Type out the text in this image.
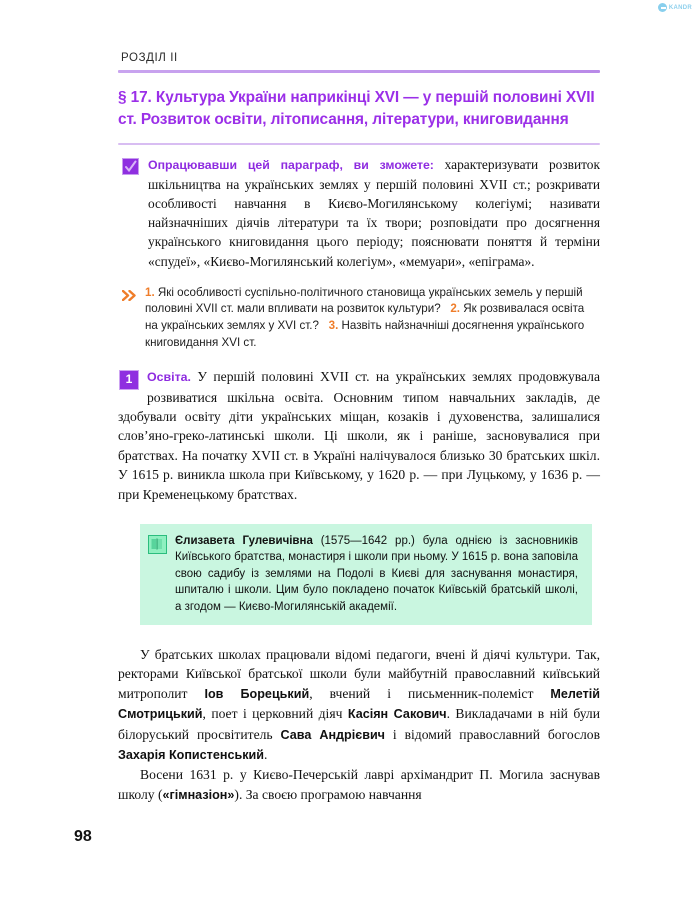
KANDR
РОЗДІЛ II
§ 17. Культура України наприкінці XVI — у першій половині XVII ст. Розвиток освіти, літописання, літератури, книговидання
Опрацювавши цей параграф, ви зможете: характеризувати розвиток шкільництва на українських землях у першій половині XVII ст.; розкривати особливості навчання в Києво-Могилянському колегіумі; називати найзначніших діячів літератури та їх твори; розповідати про досягнення українського книговидання цього періоду; пояснювати поняття й терміни «спудеї», «Києво-Могилянський колегіум», «мемуари», «епіграма».
1. Які особливості суспільно-політичного становища українських земель у першій половині XVII ст. мали впливати на розвиток культури? 2. Як розвивалася освіта на українських землях у XVI ст.? 3. Назвіть найзначніші досягнення українського книговидання XVI ст.
1	Освіта. У першій половині XVII ст. на українських землях продовжувала розвиватися шкільна освіта. Основним типом навчальних закладів, де здобували освіту діти українських міщан, козаків і духовенства, залишалися слов’яно-греко-латинські школи. Ці школи, як і раніше, засновувалися при братствах. На початку XVII ст. в Україні налічувалося близько 30 братських шкіл. У 1615 р. виникла школа при Київському, у 1620 р. — при Луцькому, у 1636 р. — при Кременецькому братствах.

Єлизавета Гулевичівна (1575—1642 рр.) була однією із засновників Київського братства, монастиря і школи при ньому. У 1615 р. вона заповіла свою садибу із землями на Подолі в Києві для заснування монастиря, шпиталю і школи. Цим було покладено початок Київській братській школі, а згодом — Києво-Могилянській академії.

У братських школах працювали відомі педагоги, вчені й діячі культури. Так, ректорами Київської братської школи були майбутній православний київський митрополит Іов Борецький, вчений і письменник-полеміст Мелетій Смотрицький, поет і церковний діяч Касіян Сакович. Викладачами в ній були білоруський просвітитель Сава Андрієвич і відомий православний богослов Захарія Копистенський.

Восени 1631 р. у Києво-Печерській лаврі архімандрит П. Могила заснував школу («гімназіон»). За своєю програмою навчання

98
